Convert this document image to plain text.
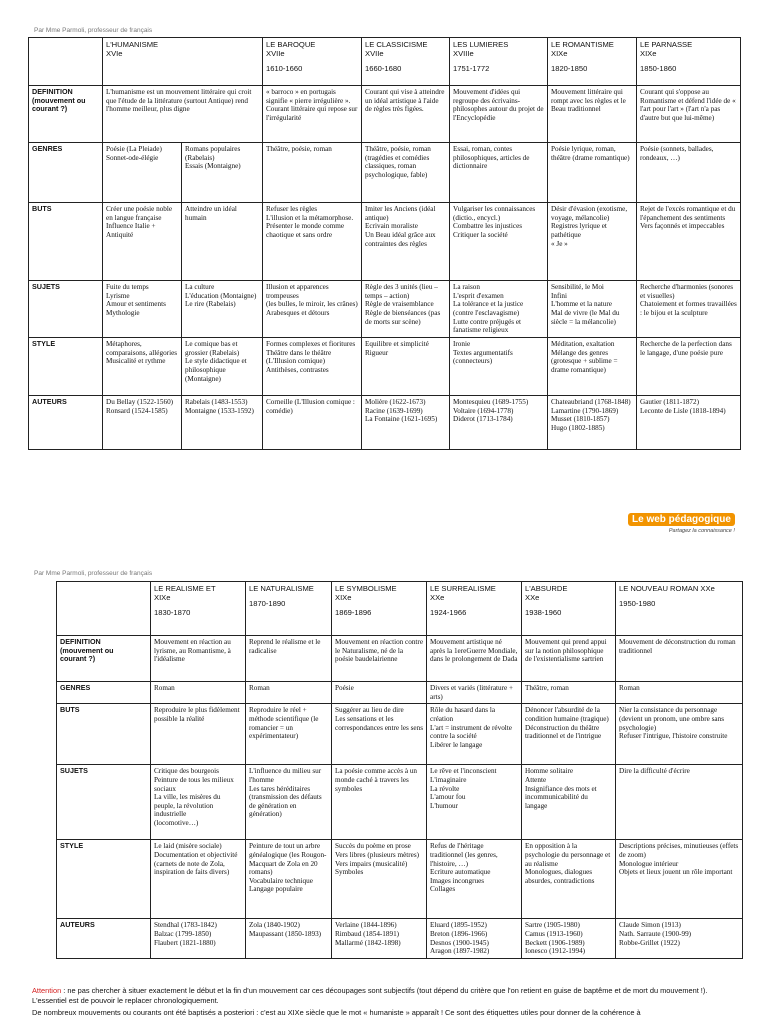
Par Mme Parmoli, professeur de français

	L'HUMANISME
XVIe		LE BAROQUE
XVIIe
1610-1660	LE CLASSICISME
XVIIe
1660-1680	LES LUMIERES
XVIIIe
1751-1772	LE ROMANTISME
XIXe
1820-1850	LE PARNASSE
XIXe
1850-1860

DEFINITION
(mouvement ou
courant ?)	L'humanisme est un mouvement littéraire qui croit que l'étude de la littérature (surtout Antique) rend l'homme meilleur, plus digne		« barroco » en portugais signifie « pierre irrégulière ». Courant littéraire qui repose sur l'irrégularité	Courant qui vise à atteindre un idéal artistique à l'aide de règles très figées.	Mouvement d'idées qui regroupe des écrivains-philosophes autour du projet de l'Encyclopédie	Mouvement littéraire qui rompt avec les règles et le Beau traditionnel	Courant qui s'oppose au Romantisme et défend l'idée de « l'art pour l'art » (l'art n'a pas d'autre but que lui-même)

GENRES	Poésie (La Pleiade)
Sonnet-ode-élégie	Romans populaires (Rabelais)
Essais (Montaigne)	Théâtre, poésie, roman	Théâtre, poésie, roman
(tragédies et comédies classiques, roman psychologique, fable)	Essai, roman, contes philosophiques, articles de dictionnaire	Poésie lyrique, roman, théâtre (drame romantique)	Poésie (sonnets, ballades, rondeaux, …)

BUTS	Créer une poésie noble en langue française
Influence Italie + Antiquité	Atteindre un idéal humain	Refuser les règles
L'illusion et la métamorphose.
Présenter le monde comme chaotique et sans ordre	Imiter les Anciens (idéal antique)
Ecrivain moraliste
Un Beau idéal grâce aux contraintes des règles	Vulgariser les connaissances (dictio., encycl.)
Combattre les injustices
Critiquer la société	Désir d'évasion (exotisme, voyage, mélancolie)
Registres lyrique et pathétique
« Je »	Rejet de l'excès romantique et du l'épanchement des sentiments
Vers façonnés et impeccables

SUJETS	Fuite du temps
Lyrisme
Amour et sentiments
Mythologie	La culture
L'éducation (Montaigne)
Le rire (Rabelais)	Illusion et apparences trompeuses
(les bulles, le miroir, les crânes)
Arabesques et détours	Règle des 3 unités (lieu – temps – action)
Règle de vraisemblance
Règle de bienséances (pas de morts sur scène)	La raison
L'esprit d'examen
La tolérance et la justice (contre l'esclavagisme)
Lutte contre préjugés et fanatisme religieux	Sensibilité, le Moi
Infini
L'homme et la nature
Mal de vivre (le Mal du siècle = la mélancolie)	Recherche d'harmonies (sonores et visuelles)
Chatoiement et formes travaillées : le bijou et la sculpture

STYLE	Métaphores, comparaisons, allégories
Musicalité et rythme	Le comique bas et grossier (Rabelais)
Le style didactique et philosophique (Montaigne)	Formes complexes et fioritures
Théâtre dans le théâtre (L'Illusion comique)
Antithèses, contrastes	Equilibre et simplicité
Rigueur	Ironie
Textes argumentatifs (connecteurs)	Méditation, exaltation
Mélange des genres (grotesque + sublime = drame romantique)	Recherche de la perfection dans le langage, d'une poésie pure

AUTEURS	Du Bellay (1522-1560)
Ronsard (1524-1585)	Rabelais (1483-1553)
Montaigne (1533-1592)	Corneille (L'Illusion comique : comédie)	Molière (1622-1673)
Racine (1639-1699)
La Fontaine (1621-1695)	Montesquieu (1689-1755)
Voltaire (1694-1778)
Diderot (1713-1784)	Chateaubriand (1768-1848)
Lamartine (1790-1869)
Musset (1810-1857)
Hugo (1802-1885)	Gautier (1811-1872)
Leconte de Lisle (1818-1894)
Le web pédagogique
Partagez la connaissance !
Par Mme Parmoli, professeur de français

	LE REALISME ET
XIXe
1830-1870	LE NATURALISME
1870-1890	LE SYMBOLISME
XIXe
1869-1896	LE SURREALISME
XXe
1924-1966	L'ABSURDE
XXe
1938-1960	LE NOUVEAU ROMAN XXe
1950-1980

DEFINITION
(mouvement ou
courant ?)	Mouvement en réaction au lyrisme, au Romantisme, à l'idéalisme	Reprend le réalisme et le radicalise	Mouvement en réaction contre le Naturalisme, né de la poésie baudelairienne	Mouvement artistique né après la 1ereGuerre Mondiale, dans le prolongement de Dada	Mouvement qui prend appui sur la notion philosophique de l'existentialisme sartrien	Mouvement de déconstruction du roman traditionnel

GENRES	Roman	Roman	Poésie	Divers et variés (littérature + arts)	Théâtre, roman	Roman

BUTS	Reproduire le plus fidèlement possible la réalité	Reproduire le réel + méthode scientifique (le romancier = un expérimentateur)	Suggérer au lieu de dire
Les sensations et les correspondances entre les sens	Rôle du hasard dans la création
L'art = instrument de révolte contre la société
Libérer le langage	Dénoncer l'absurdité de la condition humaine (tragique)
Déconstruction du théâtre traditionnel et de l'intrigue	Nier la consistance du personnage (devient un pronom, une ombre sans psychologie)
Refuser l'intrigue, l'histoire construite

SUJETS	Critique des bourgeois
Peinture de tous les milieux sociaux
La ville, les misères du peuple, la révolution industrielle
(locomotive…)	L'influence du milieu sur l'homme
Les tares héréditaires (transmission des défauts de génération en génération)	La poésie comme accès à un monde caché à travers les symboles	Le rêve et l'inconscient
L'imaginaire
La révolte
L'amour fou
L'humour	Homme solitaire
Attente
Insignifiance des mots et incommunicabilité du langage	Dire la difficulté d'écrire

STYLE	Le laid (misère sociale)
Documentation et objectivité (carnets de note de Zola, inspiration de faits divers)	Peinture de tout un arbre généalogique (les Rougon-Macquart de Zola en 20 romans)
Vocabulaire technique
Langage populaire	Succès du poème en prose
Vers libres (plusieurs mètres)
Vers impairs (musicalité)
Symboles	Refus de l'héritage traditionnel (les genres, l'histoire, …)
Ecriture automatique
Images incongrues
Collages	En opposition à la psychologie du personnage et au réalisme
Monologues, dialogues absurdes, contradictions	Descriptions précises, minutieuses (effets de zoom)
Monologue intérieur
Objets et lieux jouent un rôle important

AUTEURS	Stendhal (1783-1842)
Balzac (1799-1850)
Flaubert (1821-1880)	Zola (1840-1902)
Maupassant (1850-1893)	Verlaine (1844-1896)
Rimbaud (1854-1891)
Mallarmé (1842-1898)	Eluard (1895-1952)
Breton (1896-1966)
Desnos (1900-1945)
Aragon (1897-1982)	Sartre (1905-1980)
Camus (1913-1960)
Beckett (1906-1989)
Ionesco (1912-1994)	Claude Simon (1913)
Nath. Sarraute (1900-99)
Robbe-Grillet (1922)

Attention : ne pas chercher à situer exactement le début et la fin d'un mouvement car ces découpages sont subjectifs (tout dépend du critère que l'on retient en guise de baptême et de mort du mouvement !). L'essentiel est de pouvoir le replacer chronologiquement.

De nombreux mouvements ou courants ont été baptisés a posteriori : c'est au XIXe siècle que le mot « humaniste » apparaît ! Ce sont des étiquettes utiles pour donner de la cohérence à
